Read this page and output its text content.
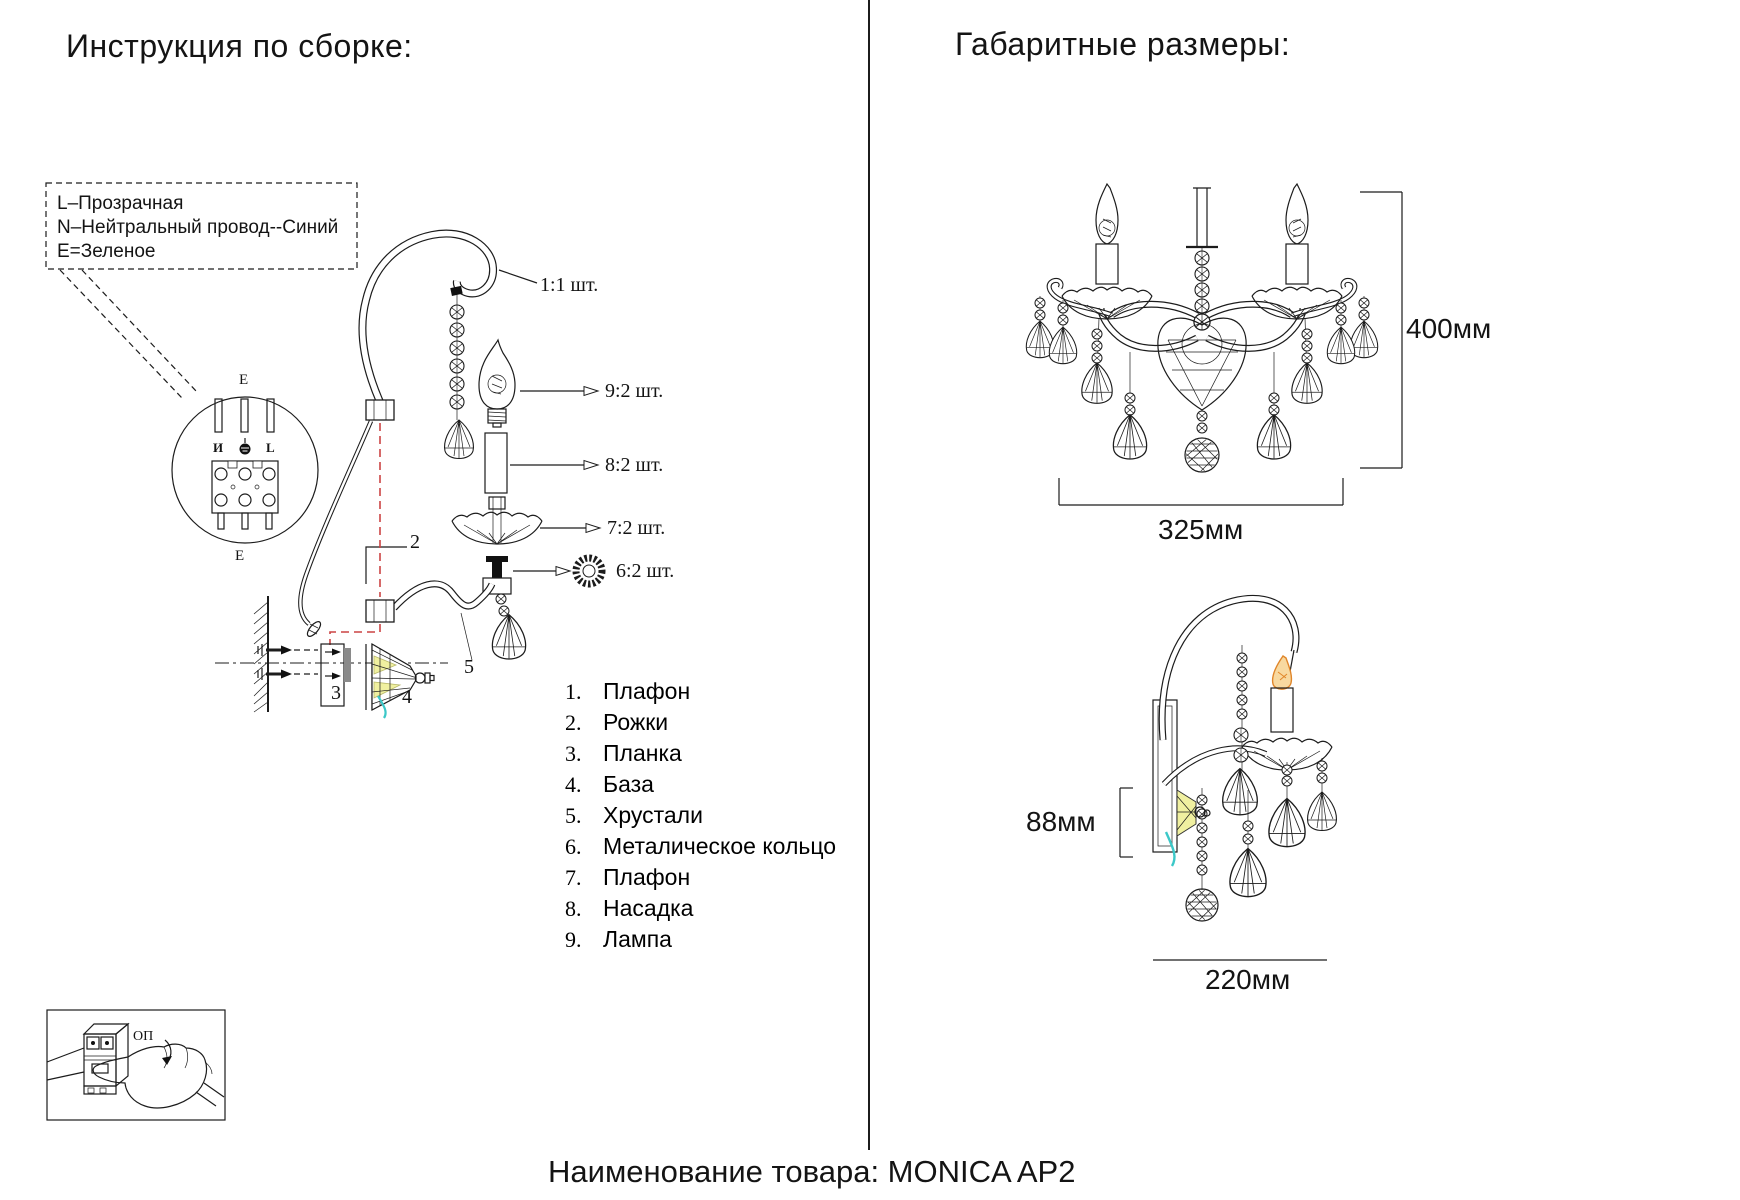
Инструкция по сборке:	Габаритные размеры:
L–Прозрачная
N–Нейтральный провод--Синий
E=Зеленое
E
И	L
E
1:1 шт.
9:2 шт.
8:2 шт.
7:2 шт.
6:2 шт.
2
3	4
5
1. Плафон
2. Рожки
3. Планка
4. База
5. Хрустали
6. Металическое кольцо
7. Плафон
8. Насадка
9. Лампа
ОП
400мм
325мм
88мм
220мм
Наименование товара: MONICA AP2
